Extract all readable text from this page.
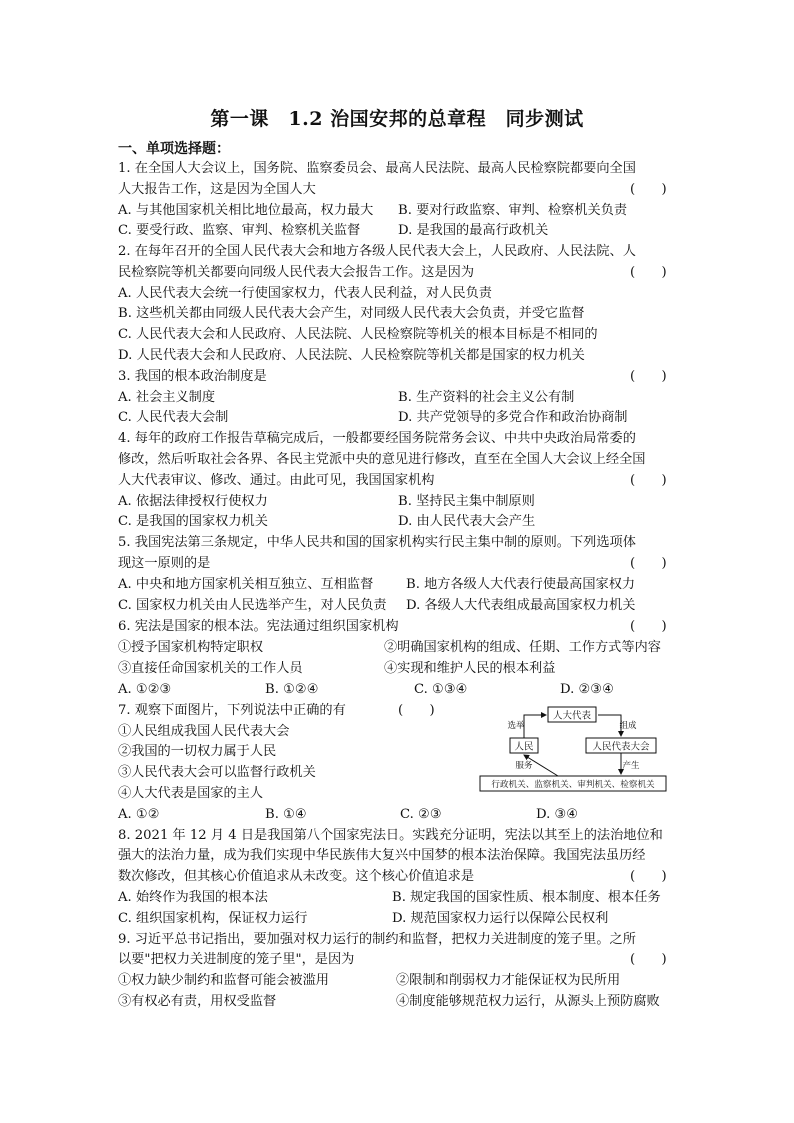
第一课　1.2 治国安邦的总章程　同步测试
一、单项选择题：
1. 在全国人大会议上，国务院、监察委员会、最高人民法院、最高人民检察院都要向全国
人大报告工作，这是因为全国人大	(　　)
A. 与其他国家机关相比地位最高，权力最大 B. 要对行政监察、审判、检察机关负责
C. 要受行政、监察、审判、检察机关监督	D. 是我国的最高行政机关
2. 在每年召开的全国人民代表大会和地方各级人民代表大会上，人民政府、人民法院、人
民检察院等机关都要向同级人民代表大会报告工作。这是因为	(　　)
A. 人民代表大会统一行使国家权力，代表人民利益，对人民负责
B. 这些机关都由同级人民代表大会产生，对同级人民代表大会负责，并受它监督
C. 人民代表大会和人民政府、人民法院、人民检察院等机关的根本目标是不相同的
D. 人民代表大会和人民政府、人民法院、人民检察院等机关都是国家的权力机关
3. 我国的根本政治制度是	(　　)
A. 社会主义制度	B. 生产资料的社会主义公有制
C. 人民代表大会制	D. 共产党领导的多党合作和政治协商制
4. 每年的政府工作报告草稿完成后，一般都要经国务院常务会议、中共中央政治局常委的
修改，然后听取社会各界、各民主党派中央的意见进行修改，直至在全国人大会议上经全国
人大代表审议、修改、通过。由此可见，我国国家机构	(　　)
A. 依据法律授权行使权力	B. 坚持民主集中制原则
C. 是我国的国家权力机关	D. 由人民代表大会产生
5. 我国宪法第三条规定，中华人民共和国的国家机构实行民主集中制的原则。下列选项体
现这一原则的是	(　　)
A. 中央和地方国家机关相互独立、互相监督 B. 地方各级人大代表行使最高国家权力
C. 国家权力机关由人民选举产生，对人民负责 D. 各级人大代表组成最高国家权力机关
6. 宪法是国家的根本法。宪法通过组织国家机构	(　　)
①授予国家机构特定职权	②明确国家机构的组成、任期、工作方式等内容
③直接任命国家机关的工作人员	④实现和维护人民的根本利益
A. ①②③	B. ①②④	C. ①③④	D. ②③④
7. 观察下面图片，下列说法中正确的有	(　　)
①人民组成我国人民代表大会
②我国的一切权力属于人民
③人民代表大会可以监督行政机关
④人大代表是国家的主人
A. ①②	B. ①④	C. ②③	D. ③④
人大代表
人民	人民代表大会
行政机关、监察机关、审判机关、检察机关
选举	组成
服务	产生
8. 2021 年 12 月 4 日是我国第八个国家宪法日。实践充分证明，宪法以其至上的法治地位和
强大的法治力量，成为我们实现中华民族伟大复兴中国梦的根本法治保障。我国宪法虽历经
数次修改，但其核心价值追求从未改变。这个核心价值追求是	(　　)
A. 始终作为我国的根本法	B. 规定我国的国家性质、根本制度、根本任务
C. 组织国家机构，保证权力运行	D. 规范国家权力运行以保障公民权利
9. 习近平总书记指出，要加强对权力运行的制约和监督，把权力关进制度的笼子里。之所
以要"把权力关进制度的笼子里"，是因为	(　　)
①权力缺少制约和监督可能会被滥用	②限制和削弱权力才能保证权为民所用
③有权必有责，用权受监督	④制度能够规范权力运行，从源头上预防腐败
